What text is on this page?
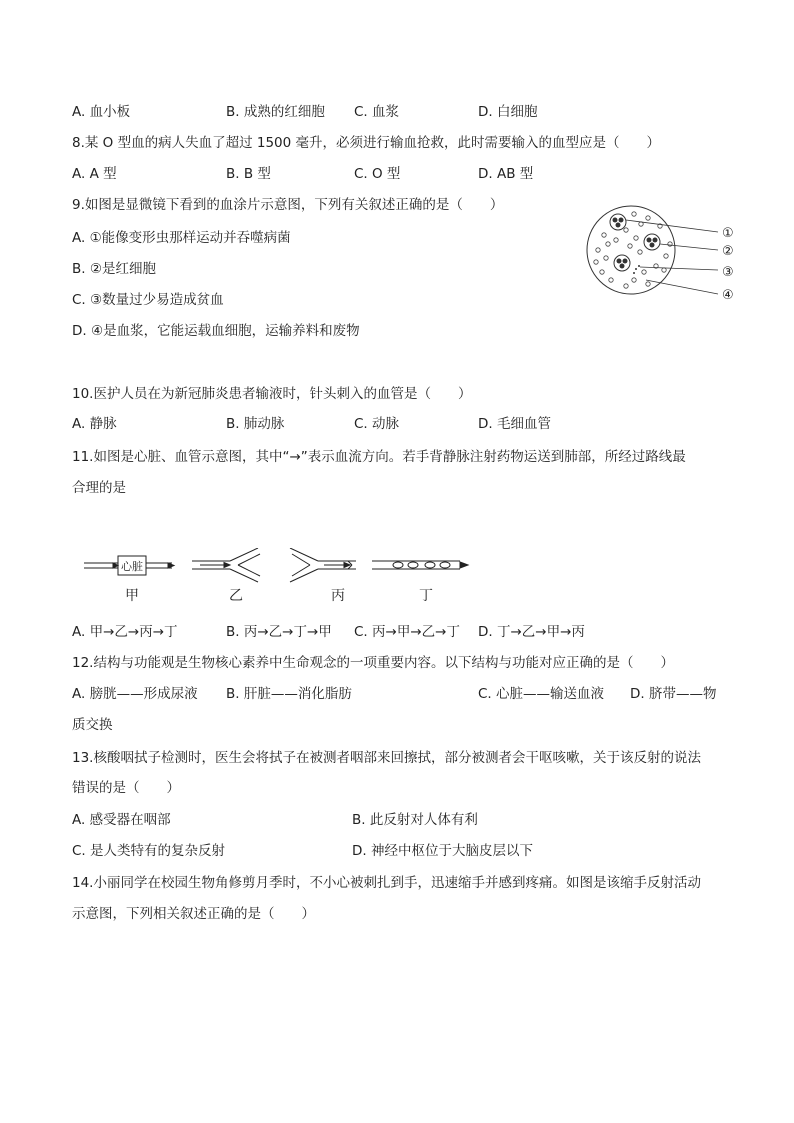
A. 血小板	B. 成熟的红细胞 C. 血浆	D. 白细胞
8.某 O 型血的病人失血了超过 1500 毫升，必须进行输血抢救，此时需要输入的血型应是（　　）
A. A 型	B. B 型	C. O 型	D. AB 型
9.如图是显微镜下看到的血涂片示意图，下列有关叙述正确的是（　　）
A. ①能像变形虫那样运动并吞噬病菌
B. ②是红细胞
C. ③数量过少易造成贫血
D. ④是血浆，它能运载血细胞，运输养料和废物
①
②
③
④
10.医护人员在为新冠肺炎患者输液时，针头刺入的血管是（　　）
A. 静脉	B. 肺动脉	C. 动脉	D. 毛细血管
11.如图是心脏、血管示意图，其中“→”表示血流方向。若手背静脉注射药物运送到肺部，所经过路线最
合理的是
心脏
甲	乙	丙	丁
A. 甲→乙→丙→丁	B. 丙→乙→丁→甲 C. 丙→甲→乙→丁 D. 丁→乙→甲→丙
12.结构与功能观是生物核心素养中生命观念的一项重要内容。以下结构与功能对应正确的是（　　）
A. 膀胱——形成尿液 B. 肝脏——消化脂肪	C. 心脏——输送血液 D. 脐带——物
质交换
13.核酸咽拭子检测时，医生会将拭子在被测者咽部来回擦拭，部分被测者会干呕咳嗽，关于该反射的说法
错误的是（　　）
A. 感受器在咽部	B. 此反射对人体有利
C. 是人类特有的复杂反射	D. 神经中枢位于大脑皮层以下
14.小丽同学在校园生物角修剪月季时，不小心被刺扎到手，迅速缩手并感到疼痛。如图是该缩手反射活动
示意图，下列相关叙述正确的是（　　）
